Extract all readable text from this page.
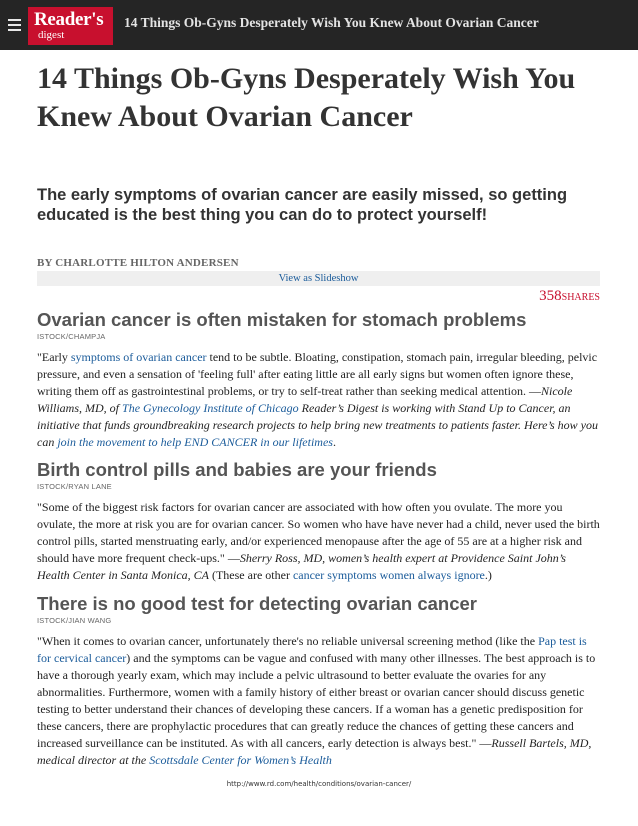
Reader's
digest
14 Things Ob-Gyns Desperately Wish You Knew About Ovarian Cancer
14 Things Ob-Gyns Desperately Wish You Knew About Ovarian Cancer

The early symptoms of ovarian cancer are easily missed, so getting educated is the best thing you can do to protect yourself!

BY CHARLOTTE HILTON ANDERSEN
View as Slideshow
358SHARES
Ovarian cancer is often mistaken for stomach problems
ISTOCK/CHAMPJA

"Early symptoms of ovarian cancer tend to be subtle. Bloating, constipation, stomach pain, irregular bleeding, pelvic pressure, and even a sensation of 'feeling full' after eating little are all early signs but women often ignore these, writing them off as gastrointestinal problems, or try to self-treat rather than seeking medical attention. —Nicole Williams, MD, of The Gynecology Institute of Chicago Reader’s Digest is working with Stand Up to Cancer, an initiative that funds groundbreaking research projects to help bring new treatments to patients faster. Here’s how you can join the movement to help END CANCER in our lifetimes.

Birth control pills and babies are your friends
ISTOCK/RYAN LANE

"Some of the biggest risk factors for ovarian cancer are associated with how often you ovulate. The more you ovulate, the more at risk you are for ovarian cancer. So women who have have never had a child, never used the birth control pills, started menstruating early, and/or experienced menopause after the age of 55 are at a higher risk and should have more frequent check-ups." —Sherry Ross, MD, women’s health expert at Providence Saint John’s Health Center in Santa Monica, CA (These are other cancer symptoms women always ignore.)

There is no good test for detecting ovarian cancer
ISTOCK/JIAN WANG

"When it comes to ovarian cancer, unfortunately there's no reliable universal screening method (like the Pap test is for cervical cancer) and the symptoms can be vague and confused with many other illnesses. The best approach is to have a thorough yearly exam, which may include a pelvic ultrasound to better evaluate the ovaries for any abnormalities. Furthermore, women with a family history of either breast or ovarian cancer should discuss genetic testing to better understand their chances of developing these cancers. If a woman has a genetic predisposition for these cancers, there are prophylactic procedures that can greatly reduce the chances of getting these cancers and increased surveillance can be instituted. As with all cancers, early detection is always best." —Russell Bartels, MD, medical director at the Scottsdale Center for Women’s Health

http://www.rd.com/health/conditions/ovarian-cancer/
